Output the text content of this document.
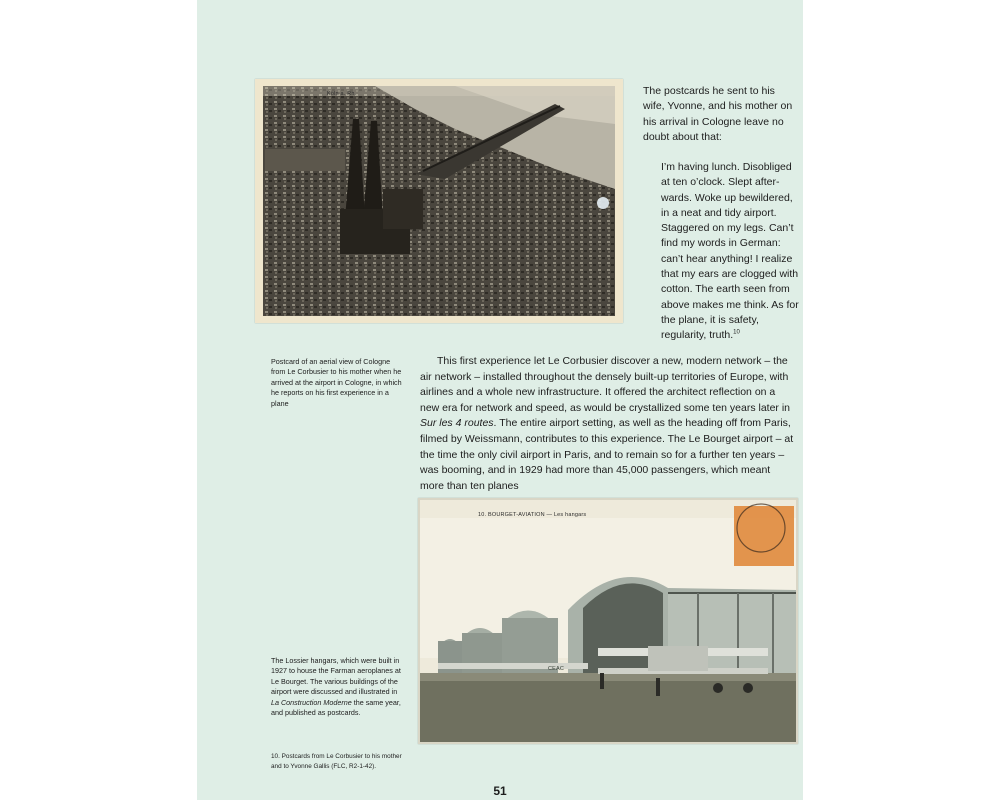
Köln a. Rh.	The postcards he sent to his wife, Yvonne, and his mother on his arrival in Cologne leave no doubt about that:
I’m having lunch. Disobliged at ten o’clock. Slept after-wards. Woke up bewildered, in a neat and tidy airport. Staggered on my legs. Can’t find my words in German: can’t hear anything! I realize that my ears are clogged with cotton. The earth seen from above makes me think. As for the plane, it is safety, regularity, truth.$^{10}$
Postcard of an aerial view of Cologne from Le Corbusier to his mother when he arrived at the airport in Cologne, in which he reports on his first experience in a plane
This first experience let Le Corbusier discover a new, modern network – the air network – installed throughout the densely built-up territories of Europe, with airlines and a whole new infrastructure. It offered the architect reflection on a new era for network and speed, as would be crystallized some ten years later in Sur les 4 routes. The entire airport setting, as well as the heading off from Paris, filmed by Weissmann, contributes to this experience. The Le Bourget airport – at the time the only civil airport in Paris, and to remain so for a further ten years – was booming, and in 1929 had more than 45,000 passengers, which meant more than ten planes
10. BOURGET-AVIATION — Les hangars
CEAC
The Lossier hangars, which were built in 1927 to house the Farman aeroplanes at Le Bourget. The various buildings of the airport were discussed and illustrated in La Construction Moderne the same year, and published as postcards.
10. Postcards from Le Corbusier to his mother and to Yvonne Gallis (FLC, R2-1-42).
51
